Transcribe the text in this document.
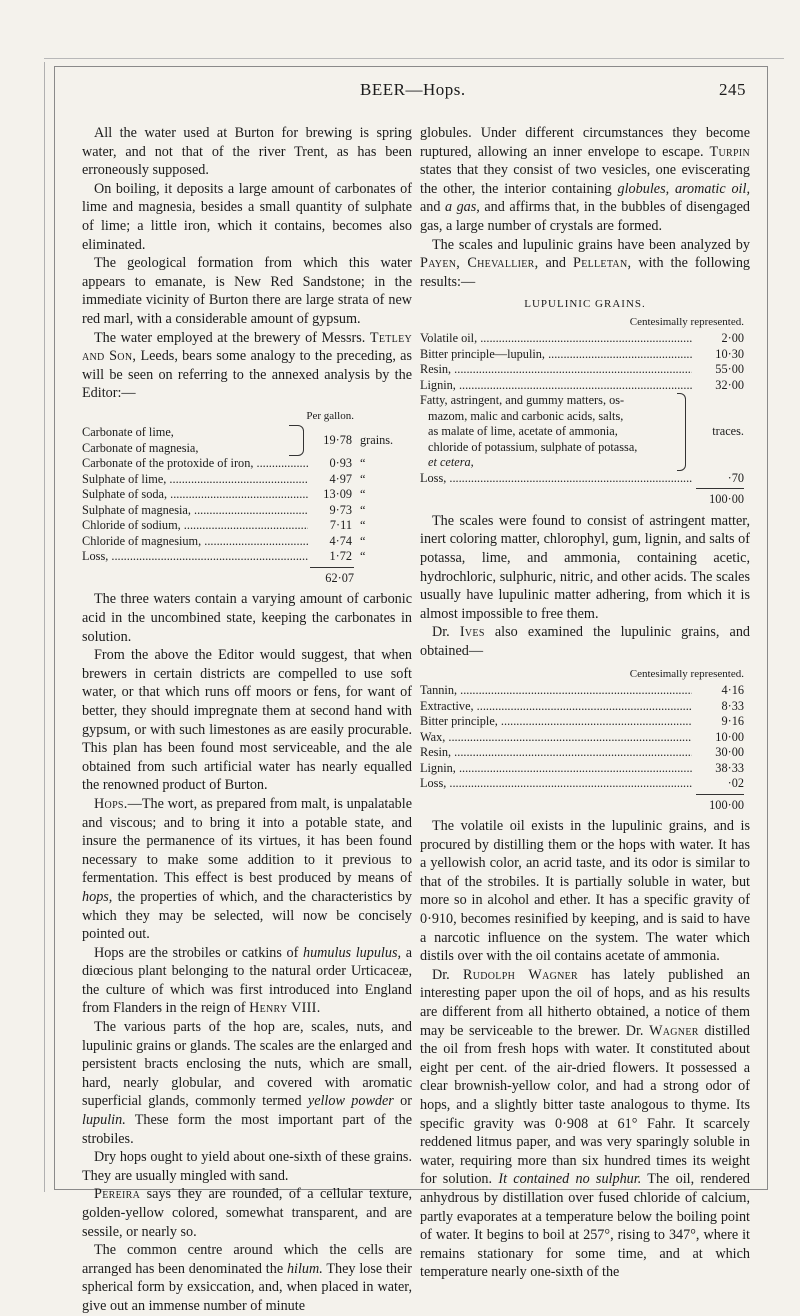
BEER—Hops.	245

All the water used at Burton for brewing is spring water, and not that of the river Trent, as has been erroneously supposed.

On boiling, it deposits a large amount of carbonates of lime and magnesia, besides a small quantity of sulphate of lime; a little iron, which it contains, becomes also eliminated.

The geological formation from which this water appears to emanate, is New Red Sandstone; in the immediate vicinity of Burton there are large strata of new red marl, with a considerable amount of gypsum.

The water employed at the brewery of Messrs. Tetley and Son, Leeds, bears some analogy to the preceding, as will be seen on referring to the annexed analysis by the Editor:—

Per gallon.
Carbonate of lime,
Carbonate of magnesia,
19·78 grains.
Carbonate of the protoxide of iron, .....	0·93 “
Sulphate of lime, .....	4·97 “
Sulphate of soda, .....	13·09 “
Sulphate of magnesia, .....	9·73 “
Chloride of sodium, .....	7·11 “
Chloride of magnesium, .....	4·74 “
Loss, .....	1·72 “
62·07

The three waters contain a varying amount of carbonic acid in the uncombined state, keeping the carbonates in solution.

From the above the Editor would suggest, that when brewers in certain districts are compelled to use soft water, or that which runs off moors or fens, for want of better, they should impregnate them at second hand with gypsum, or with such limestones as are easily procurable. This plan has been found most serviceable, and the ale obtained from such artificial water has nearly equalled the renowned product of Burton.

Hops.—The wort, as prepared from malt, is unpalatable and viscous; and to bring it into a potable state, and insure the permanence of its virtues, it has been found necessary to make some addition to it previous to fermentation. This effect is best produced by means of hops, the properties of which, and the characteristics by which they may be selected, will now be concisely pointed out.

Hops are the strobiles or catkins of humulus lupulus, a diœcious plant belonging to the natural order Urticaceæ, the culture of which was first introduced into England from Flanders in the reign of Henry VIII.

The various parts of the hop are, scales, nuts, and lupulinic grains or glands. The scales are the enlarged and persistent bracts enclosing the nuts, which are small, hard, nearly globular, and covered with aromatic superficial glands, commonly termed yellow powder or lupulin. These form the most important part of the strobiles.

Dry hops ought to yield about one-sixth of these grains. They are usually mingled with sand.

Pereira says they are rounded, of a cellular texture, golden-yellow colored, somewhat transparent, and are sessile, or nearly so.

The common centre around which the cells are arranged has been denominated the hilum. They lose their spherical form by exsiccation, and, when placed in water, give out an immense number of minute

globules. Under different circumstances they become ruptured, allowing an inner envelope to escape. Turpin states that they consist of two vesicles, one eviscerating the other, the interior containing globules, aromatic oil, and a gas, and affirms that, in the bubbles of disengaged gas, a large number of crystals are formed.

The scales and lupulinic grains have been analyzed by Payen, Chevallier, and Pelletan, with the following results:—

LUPULINIC GRAINS.
Centesimally represented.
Volatile oil, .....	2·00
Bitter principle—lupulin, .....	10·30
Resin, .....	55·00
Lignin, .....	32·00
Fatty, astringent, and gummy matters, os-
mazom, malic and carbonic acids, salts,
as malate of lime, acetate of ammonia,
chloride of potassium, sulphate of potassa,
et cetera,
traces.
Loss, .....	·70
100·00

The scales were found to consist of astringent matter, inert coloring matter, chlorophyl, gum, lignin, and salts of potassa, lime, and ammonia, containing acetic, hydrochloric, sulphuric, nitric, and other acids. The scales usually have lupulinic matter adhering, from which it is almost impossible to free them.

Dr. Ives also examined the lupulinic grains, and obtained—

Centesimally represented.
Tannin, .....	4·16
Extractive, .....	8·33
Bitter principle, .....	9·16
Wax, .....	10·00
Resin, .....	30·00
Lignin, .....	38·33
Loss, .....	·02
100·00

The volatile oil exists in the lupulinic grains, and is procured by distilling them or the hops with water. It has a yellowish color, an acrid taste, and its odor is similar to that of the strobiles. It is partially soluble in water, but more so in alcohol and ether. It has a specific gravity of 0·910, becomes resinified by keeping, and is said to have a narcotic influence on the system. The water which distils over with the oil contains acetate of ammonia.

Dr. Rudolph Wagner has lately published an interesting paper upon the oil of hops, and as his results are different from all hitherto obtained, a notice of them may be serviceable to the brewer. Dr. Wagner distilled the oil from fresh hops with water. It constituted about eight per cent. of the air-dried flowers. It possessed a clear brownish-yellow color, and had a strong odor of hops, and a slightly bitter taste analogous to thyme. Its specific gravity was 0·908 at 61° Fahr. It scarcely reddened litmus paper, and was very sparingly soluble in water, requiring more than six hundred times its weight for solution. It contained no sulphur. The oil, rendered anhydrous by distillation over fused chloride of calcium, partly evaporates at a temperature below the boiling point of water. It begins to boil at 257°, rising to 347°, where it remains stationary for some time, and at which temperature nearly one-sixth of the
